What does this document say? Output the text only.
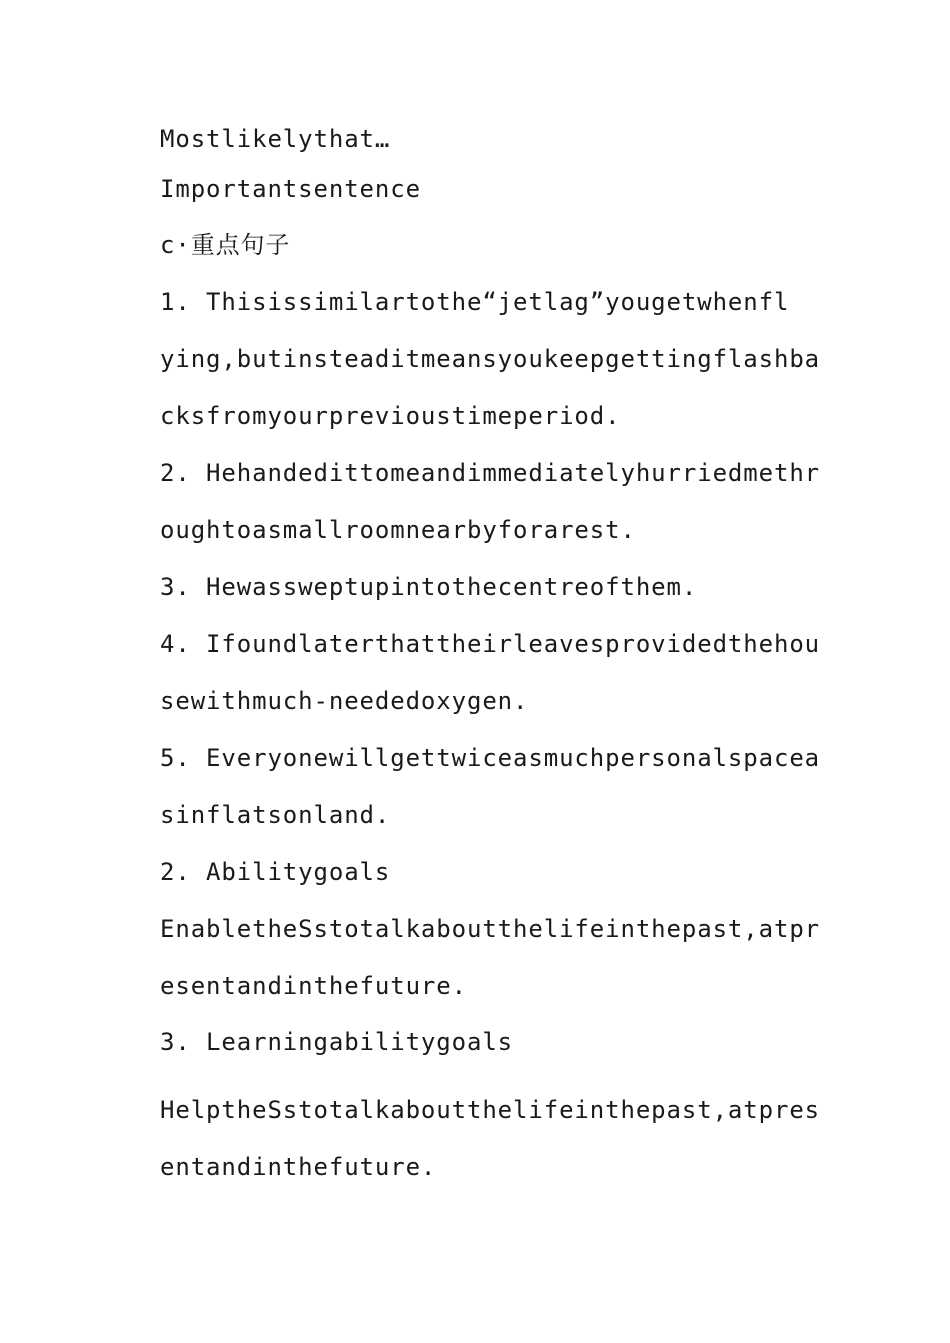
Mostlikelythat…

Importantsentence

c·重点句子

1. Thisissimilartothe“jetlag”yougetwhenfl

ying,butinsteaditmeansyoukeepgettingflashba

cksfromyourprevioustimeperiod.

2. Hehandedittomeandimmediatelyhurriedmethr

oughtoasmallroomnearbyforarest.

3. Hewassweptupintothecentreofthem.

4. Ifoundlaterthattheirleavesprovidedthehou

sewithmuch-neededoxygen.

5. Everyonewillgettwiceasmuchpersonalspacea

sinflatsonland.

2. Abilitygoals

EnabletheSstotalkaboutthelifeinthepast,atpr

esentandinthefuture.

3. Learningabilitygoals

HelptheSstotalkaboutthelifeinthepast,atpres

entandinthefuture.
